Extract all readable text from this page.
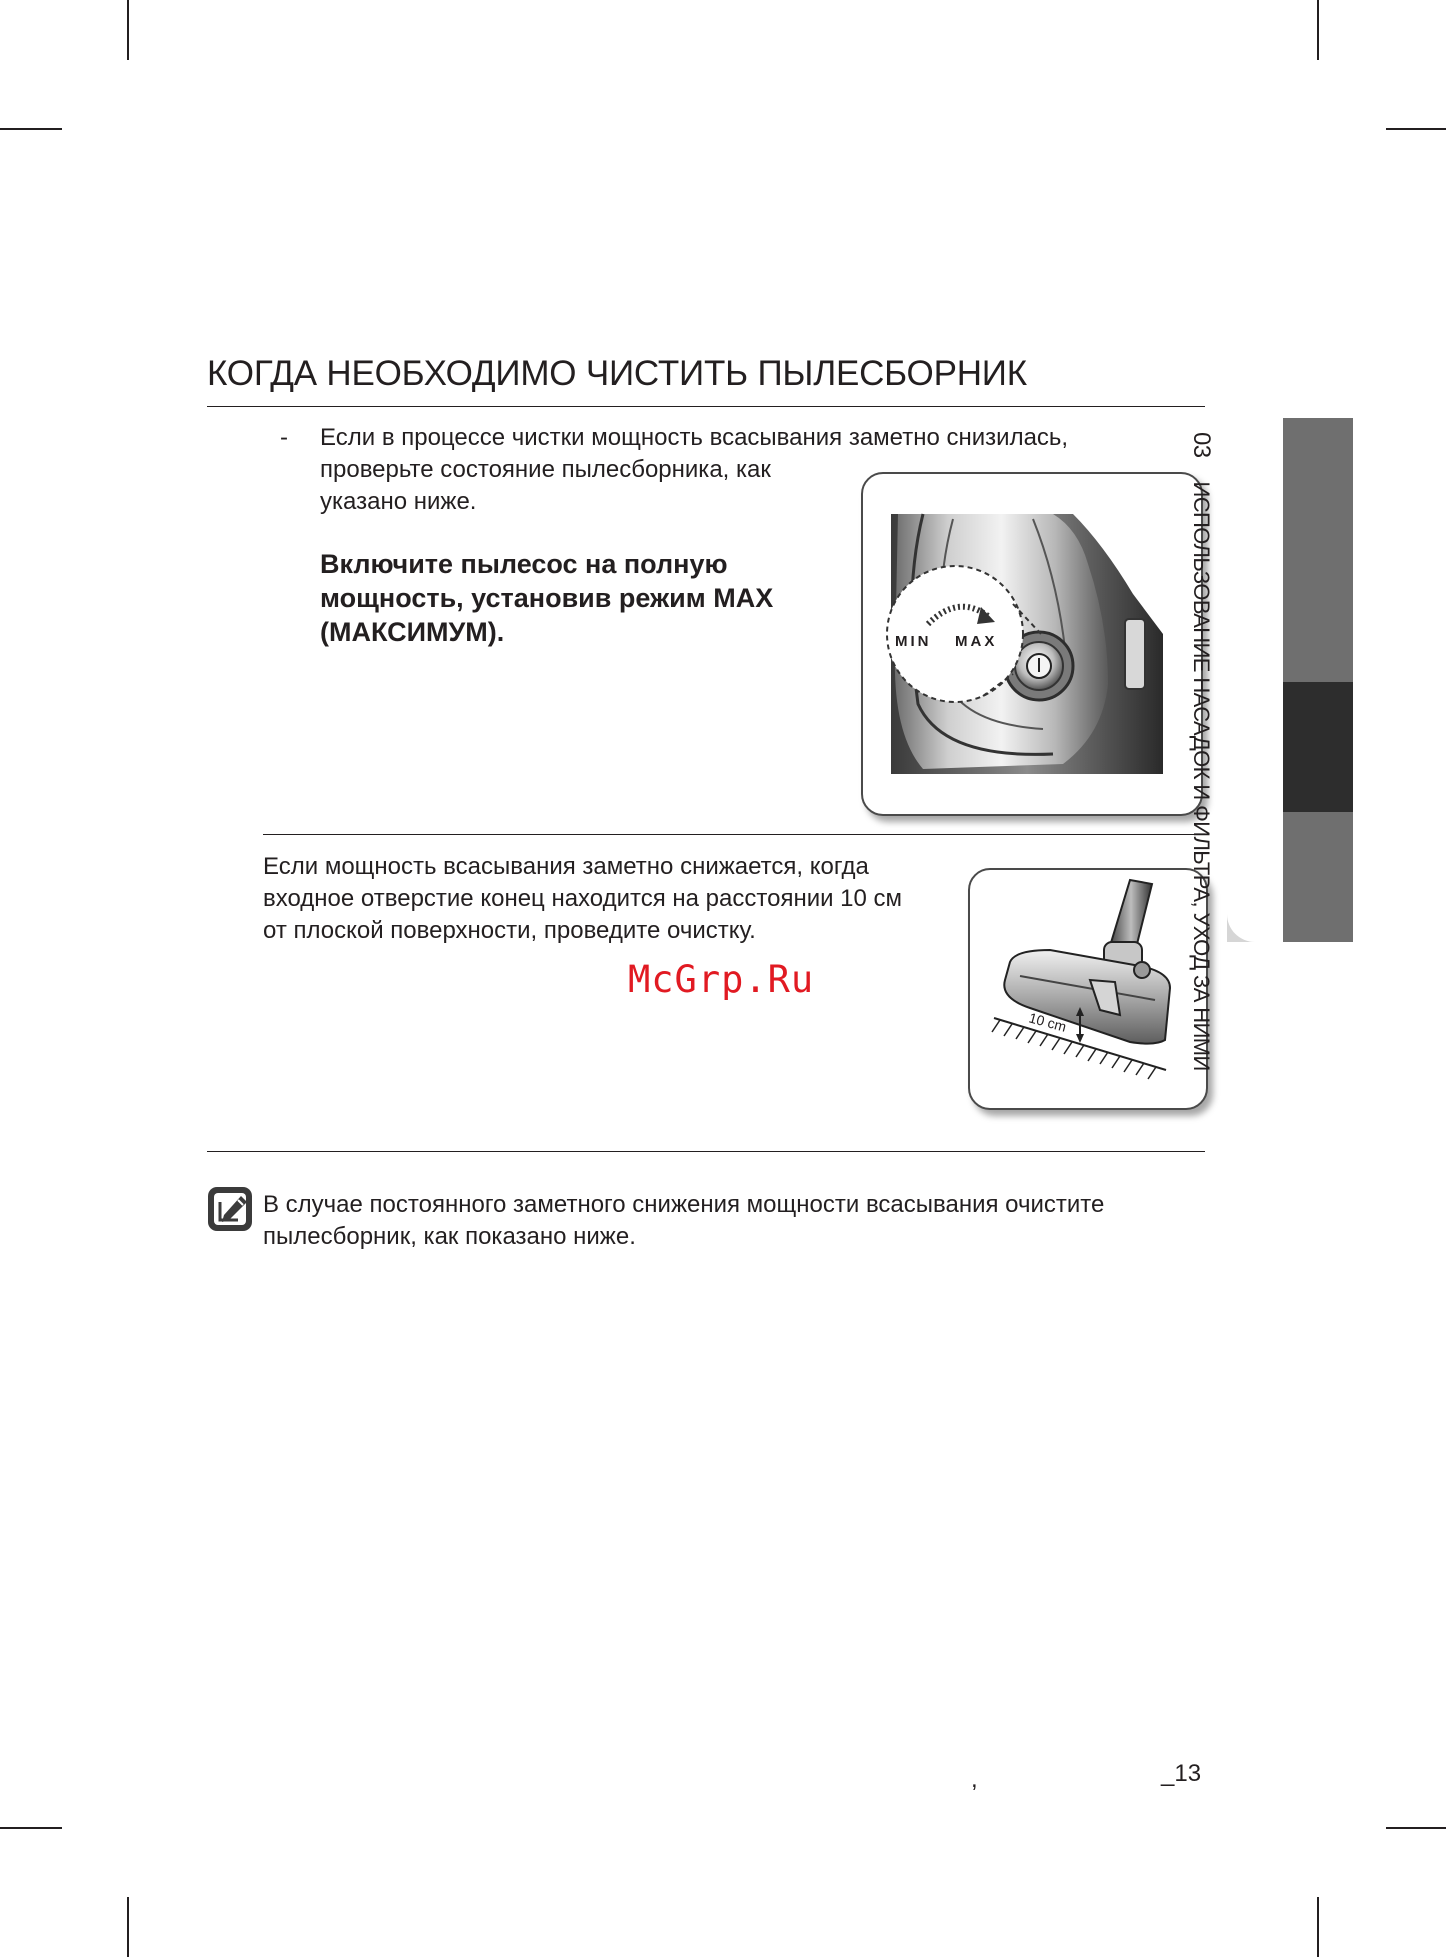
КОГДА НЕОБХОДИМО ЧИСТИТЬ ПЫЛЕСБОРНИК
- Если в процессе чистки мощность всасывания заметно снизилась,
проверьте состояние пылесборника, как
указано ниже.
Включите пылесос на полную
мощность, установив режим MAX
(МАКСИМУМ).	MIN MAX
Если мощность всасывания заметно снижается, когда
входное отверстие конец находится на расстоянии 10 см
от плоской поверхности, проведите очистку.
McGrp.Ru
10 cm
В случае постоянного заметного снижения мощности всасывания очистите
пылесборник, как показано ниже.
03ИСПОЛЬЗОВАНИЕ НАСАДОК И ФИЛЬТРА, УХОД ЗА НИМИ
,	_13
